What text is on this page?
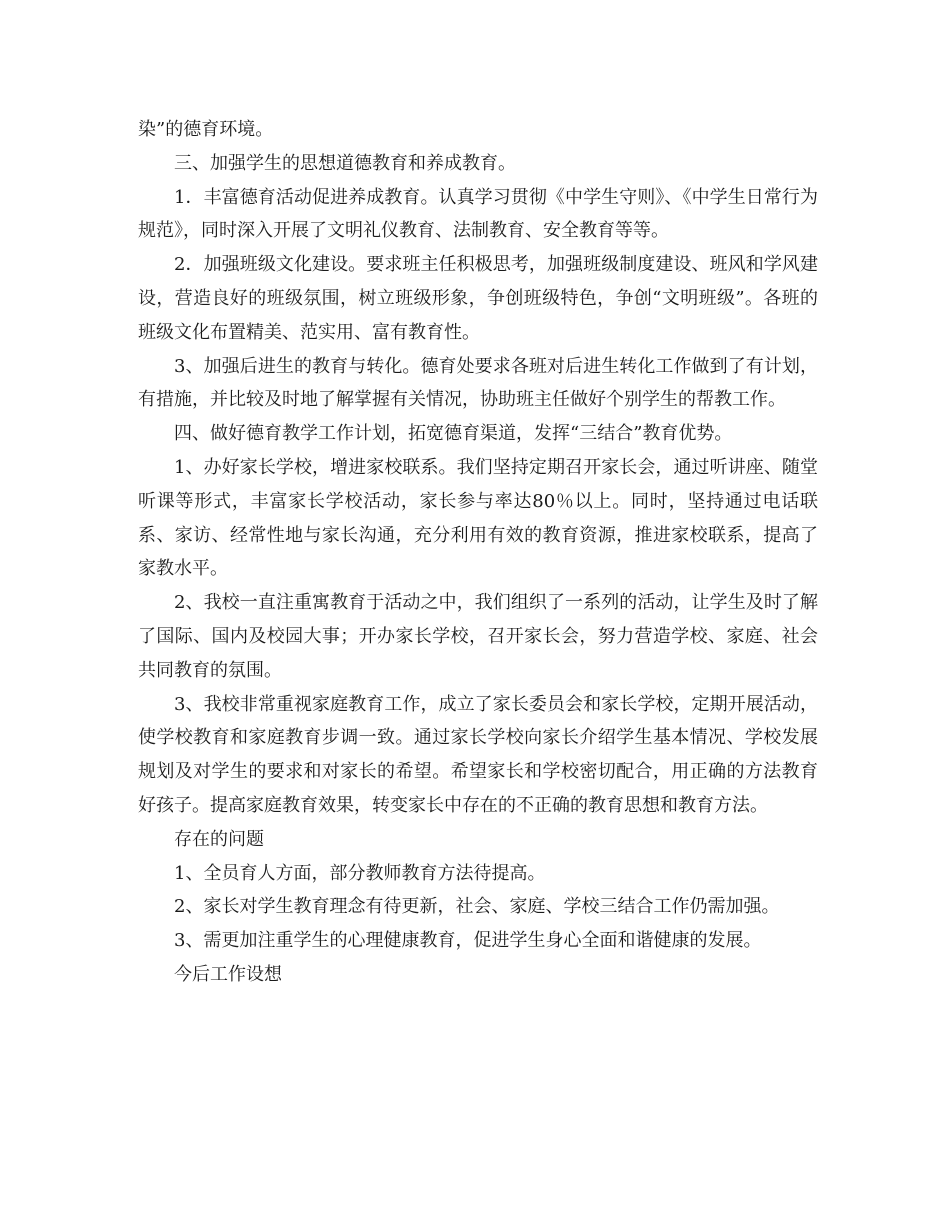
染”的德育环境。

三、加强学生的思想道德教育和养成教育。

1．丰富德育活动促进养成教育。认真学习贯彻《中学生守则》、《中学生日常行为规范》，同时深入开展了文明礼仪教育、法制教育、安全教育等等。

2．加强班级文化建设。要求班主任积极思考，加强班级制度建设、班风和学风建设，营造良好的班级氛围，树立班级形象，争创班级特色，争创“文明班级”。各班的班级文化布置精美、范实用、富有教育性。

3、加强后进生的教育与转化。德育处要求各班对后进生转化工作做到了有计划，有措施，并比较及时地了解掌握有关情况，协助班主任做好个别学生的帮教工作。

四、做好德育教学工作计划，拓宽德育渠道，发挥“三结合”教育优势。

1、办好家长学校，增进家校联系。我们坚持定期召开家长会，通过听讲座、随堂听课等形式，丰富家长学校活动，家长参与率达80％以上。同时，坚持通过电话联系、家访、经常性地与家长沟通，充分利用有效的教育资源，推进家校联系，提高了家教水平。

2、我校一直注重寓教育于活动之中，我们组织了一系列的活动，让学生及时了解了国际、国内及校园大事；开办家长学校，召开家长会，努力营造学校、家庭、社会共同教育的氛围。

3、我校非常重视家庭教育工作，成立了家长委员会和家长学校，定期开展活动，使学校教育和家庭教育步调一致。通过家长学校向家长介绍学生基本情况、学校发展规划及对学生的要求和对家长的希望。希望家长和学校密切配合，用正确的方法教育好孩子。提高家庭教育效果，转变家长中存在的不正确的教育思想和教育方法。

存在的问题

1、全员育人方面，部分教师教育方法待提高。

2、家长对学生教育理念有待更新，社会、家庭、学校三结合工作仍需加强。

3、需更加注重学生的心理健康教育，促进学生身心全面和谐健康的发展。

今后工作设想
